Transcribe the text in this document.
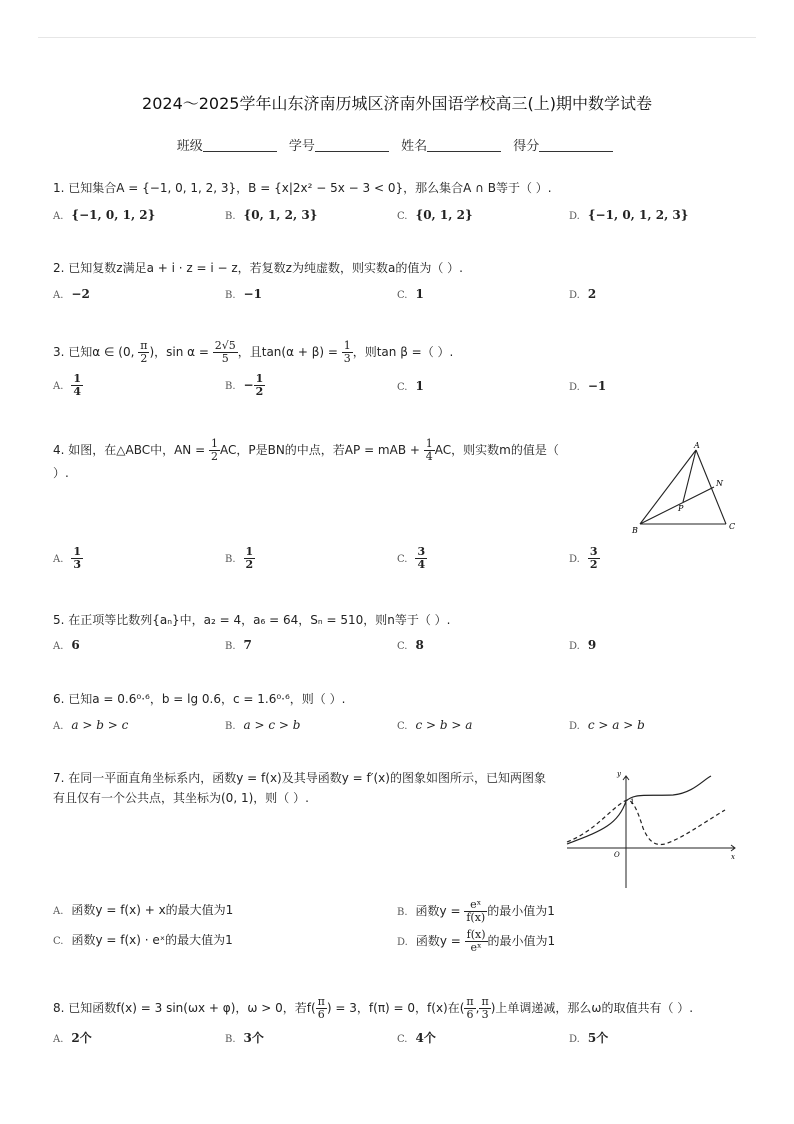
2024～2025学年山东济南历城区济南外国语学校高三(上)期中数学试卷
班级	学号	姓名	得分
1. 已知集合A = {−1, 0, 1, 2, 3}，B = {x|2x² − 5x − 3 < 0}，那么集合A ∩ B等于（ ）.
A. {−1, 0, 1, 2}	B. {0, 1, 2, 3}	C. {0, 1, 2}	D. {−1, 0, 1, 2, 3}
2. 已知复数z满足a + i · z = i − z，若复数z为纯虚数，则实数a的值为（ ）.
A. −2	B. −1	C. 1	D. 2
3. 已知α ∈ (0, $\frac{\pi}{2}$ )，$\sin \alpha = \frac{2√5}{5}$ ，且$\tan(\alpha + \beta) = \frac{1}{3}$ ，则tan β =（ ）.
A. $\frac{1}{4}$	B. − $\frac{1}{2}$	C. 1	D. −1
4. 如图，在△ABC中，AN = $\frac{1}{2}$ AC，P是BN的中点，若AP = mAB + $\frac{1}{4}$ AC，则实数m的值是（
）.
A
B	C
N
P
A. $\frac{1}{3}$	B. $\frac{1}{2}$	C. $\frac{3}{4}$	D. $\frac{3}{2}$
5. 在正项等比数列{aₙ}中，a₂ = 4，a₆ = 64，Sₙ = 510，则n等于（ ）.
A. 6	B. 7	C. 8	D. 9
6. 已知a = 0.6⁰·⁶，b = lg 0.6，c = 1.6⁰·⁶，则（ ）.
A. a > b > c	B. a > c > b	C. c > b > a	D. c > a > b
7. 在同一平面直角坐标系内，函数y = f(x)及其导函数y = f′(x)的图象如图所示，已知两图象
有且仅有一个公共点，其坐标为(0, 1)，则（ ）.
y
x
O
1
A. 函数y = f(x) + x的最大值为1	B. 函数$y = \frac{\text{eˣ}}{f(x)}$ 的最小值为1
C. 函数y = f(x) · eˣ的最大值为1	D. 函数$y = \frac{f(x)}{\text{eˣ}}$ 的最小值为1
8. 已知函数f(x) = 3 sin(ωx + φ)，ω > 0，若$f( \frac{\pi}{6}$ ) = 3，f(π) = 0，f(x)在( $\frac{\pi}{6}$ , $\frac{\pi}{3}$ )上单调递减，那么ω的取值共有（ ）.
A. 2个	B. 3个	C. 4个	D. 5个
